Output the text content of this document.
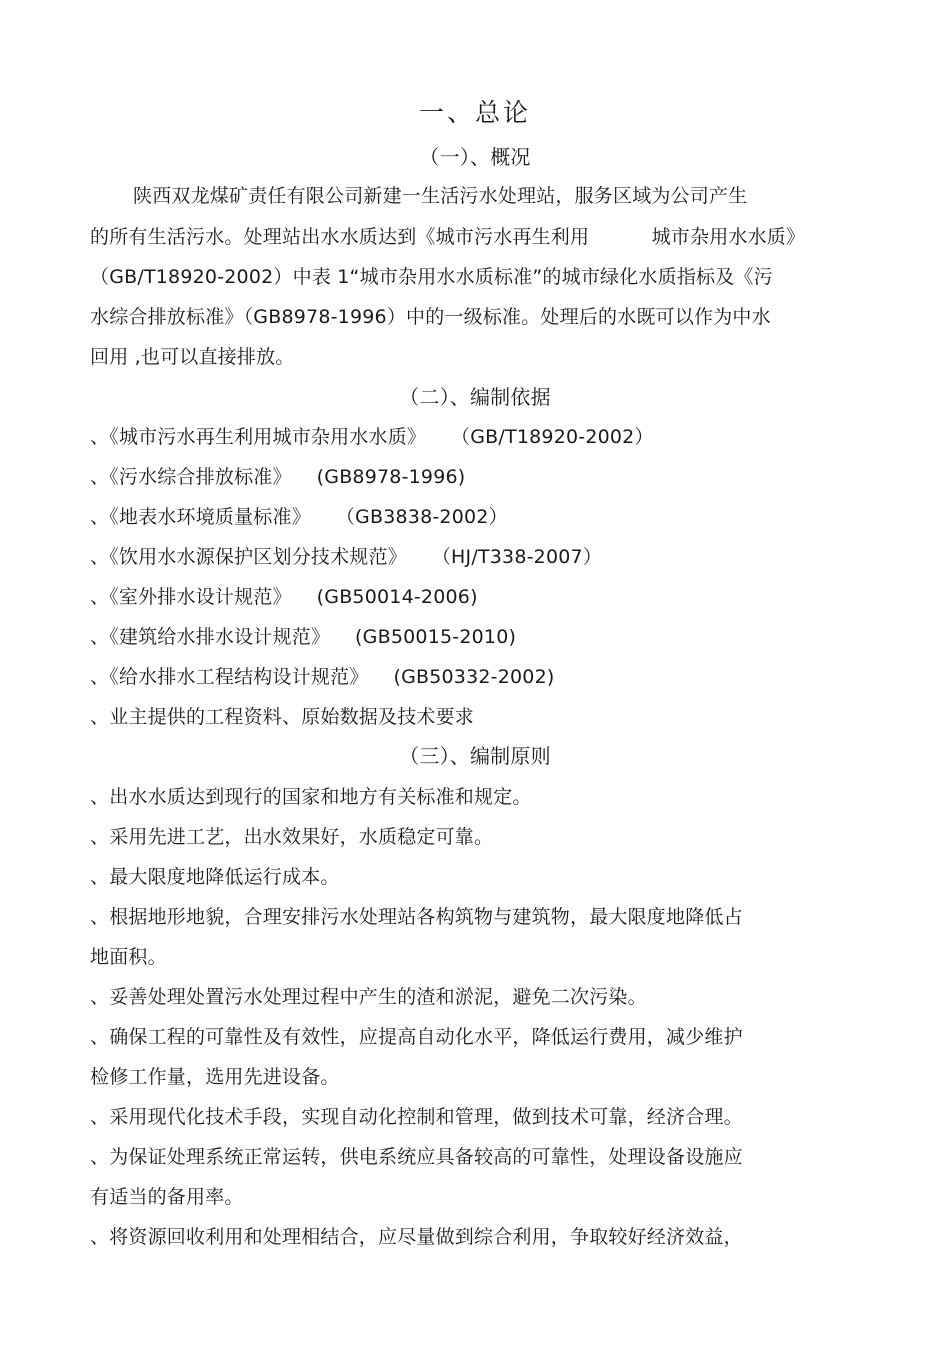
一、总论
（一）、概况
陕西双龙煤矿责任有限公司新建一生活污水处理站，服务区域为公司产生
的所有生活污水。处理站出水水质达到《城市污水再生利用          城市杂用水水质》
（GB/T18920-2002）中表 1“城市杂用水水质标准”的城市绿化水质指标及《污
水综合排放标准》（GB8978-1996）中的一级标准。处理后的水既可以作为中水
回用 ,也可以直接排放。
（二）、编制依据
、《城市污水再生利用城市杂用水水质》    （GB/T18920-2002）
、《污水综合排放标准》    (GB8978-1996)
、《地表水环境质量标准》    （GB3838-2002）
、《饮用水水源保护区划分技术规范》    （HJ/T338-2007）
、《室外排水设计规范》    (GB50014-2006)
、《建筑给水排水设计规范》    (GB50015-2010)
、《给水排水工程结构设计规范》    (GB50332-2002)
、业主提供的工程资料、原始数据及技术要求
（三）、编制原则
、出水水质达到现行的国家和地方有关标准和规定。
、采用先进工艺，出水效果好，水质稳定可靠。
、最大限度地降低运行成本。
、根据地形地貌，合理安排污水处理站各构筑物与建筑物，最大限度地降低占
地面积。
、妥善处理处置污水处理过程中产生的渣和淤泥，避免二次污染。
、确保工程的可靠性及有效性，应提高自动化水平，降低运行费用，减少维护
检修工作量，选用先进设备。
、采用现代化技术手段，实现自动化控制和管理，做到技术可靠，经济合理。
、为保证处理系统正常运转，供电系统应具备较高的可靠性，处理设备设施应
有适当的备用率。
、将资源回收利用和处理相结合，应尽量做到综合利用，争取较好经济效益，
